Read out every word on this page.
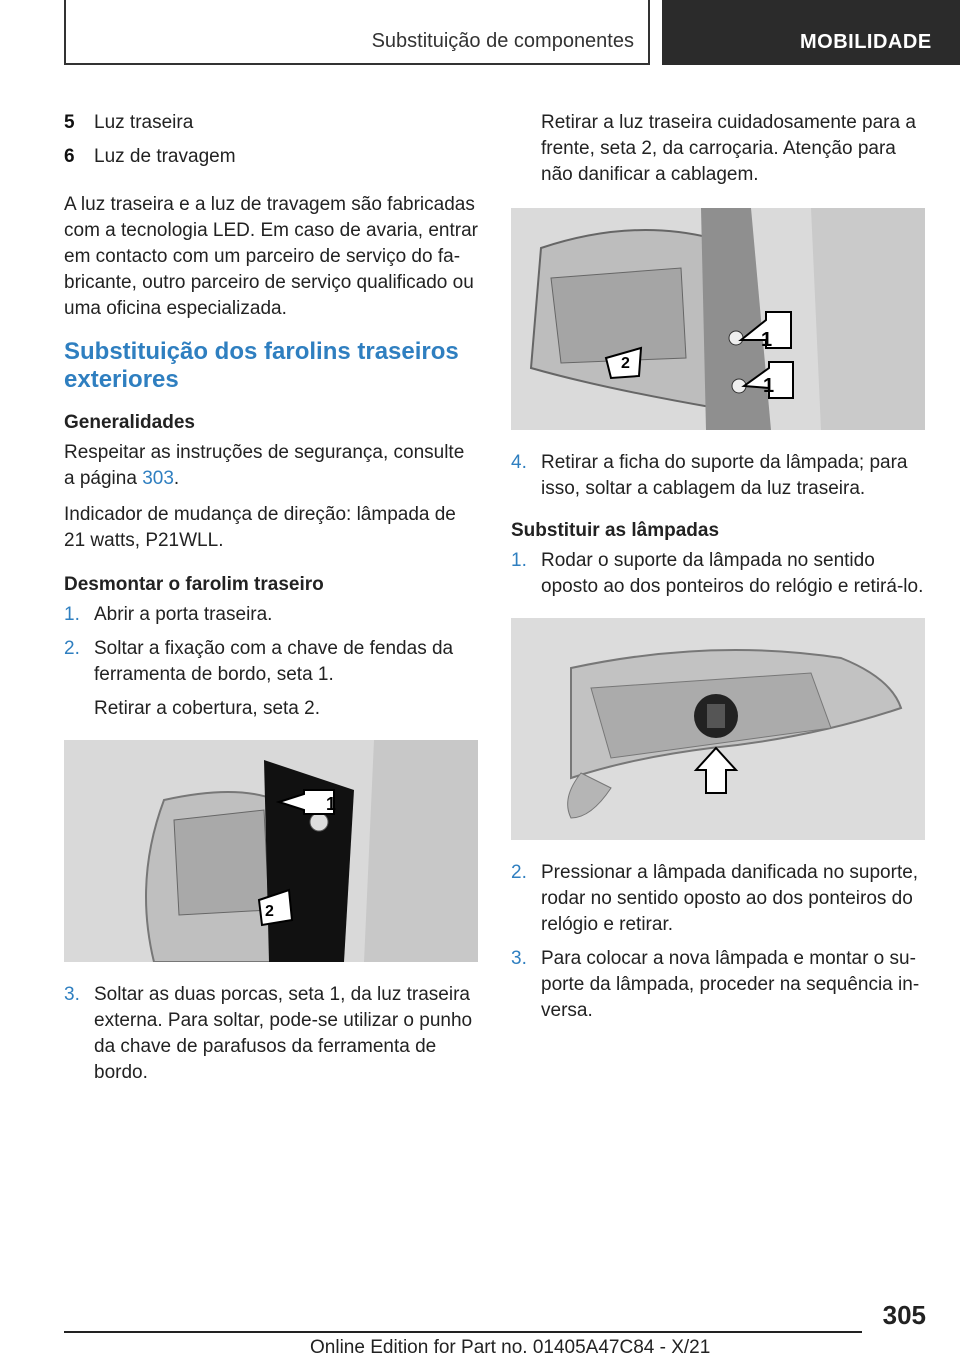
Substituição de componentes	MOBILIDADE
5 Luz traseira
6 Luz de travagem

A luz traseira e a luz de travagem são fabricadas com a tecnologia LED. Em caso de avaria, entrar em contacto com um parceiro de serviço do fabricante, outro parceiro de serviço qualificado ou uma oficina especializada.

Substituição dos farolins traseiros exteriores
Generalidades

Respeitar as instruções de segurança, consulte a página 303.

Indicador de mudança de direção: lâmpada de 21 watts, P21WLL.

Desmontar o farolim traseiro
1. Abrir a porta traseira.
2. Soltar a fixação com a chave de fendas da ferramenta de bordo, seta 1.

Retirar a cobertura, seta 2.

1
2
3. Soltar as duas porcas, seta 1, da luz traseira externa. Para soltar, pode-se utilizar o punho da chave de parafusos da ferramenta de bordo.

Retirar a luz traseira cuidadosamente para a frente, seta 2, da carroçaria. Atenção para não danificar a cablagem.

1
1
2
4. Retirar a ficha do suporte da lâmpada; para isso, soltar a cablagem da luz traseira.
Substituir as lâmpadas
1. Rodar o suporte da lâmpada no sentido oposto ao dos ponteiros do relógio e retirá-lo.
2. Pressionar a lâmpada danificada no suporte, rodar no sentido oposto ao dos ponteiros do relógio e retirar.
3. Para colocar a nova lâmpada e montar o suporte da lâmpada, proceder na sequência inversa.
305
Online Edition for Part no. 01405A47C84 - X/21
